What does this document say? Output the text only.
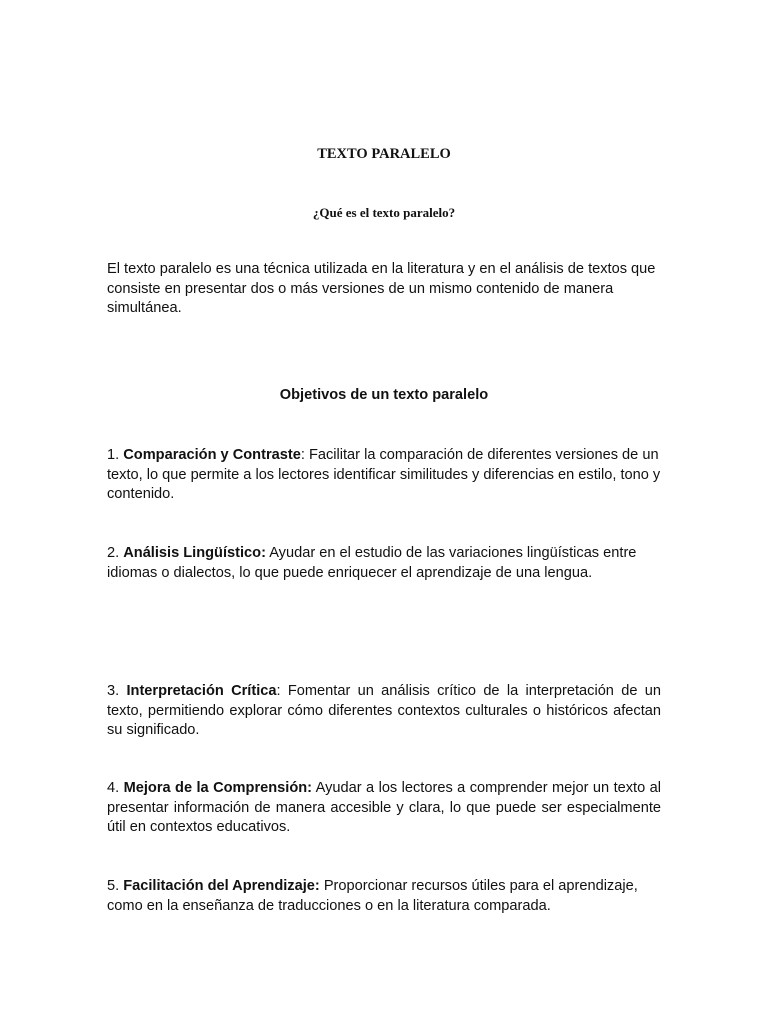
TEXTO PARALELO
¿Qué es el texto paralelo?

El texto paralelo es una técnica utilizada en la literatura y en el análisis de textos que consiste en presentar dos o más versiones de un mismo contenido de manera simultánea.

Objetivos de un texto paralelo

1. Comparación y Contraste: Facilitar la comparación de diferentes versiones de un texto, lo que permite a los lectores identificar similitudes y diferencias en estilo, tono y contenido.

2. Análisis Lingüístico: Ayudar en el estudio de las variaciones lingüísticas entre idiomas o dialectos, lo que puede enriquecer el aprendizaje de una lengua.

3. Interpretación Crítica: Fomentar un análisis crítico de la interpretación de un texto, permitiendo explorar cómo diferentes contextos culturales o históricos afectan su significado.

4. Mejora de la Comprensión: Ayudar a los lectores a comprender mejor un texto al presentar información de manera accesible y clara, lo que puede ser especialmente útil en contextos educativos.

5. Facilitación del Aprendizaje: Proporcionar recursos útiles para el aprendizaje, como en la enseñanza de traducciones o en la literatura comparada.
